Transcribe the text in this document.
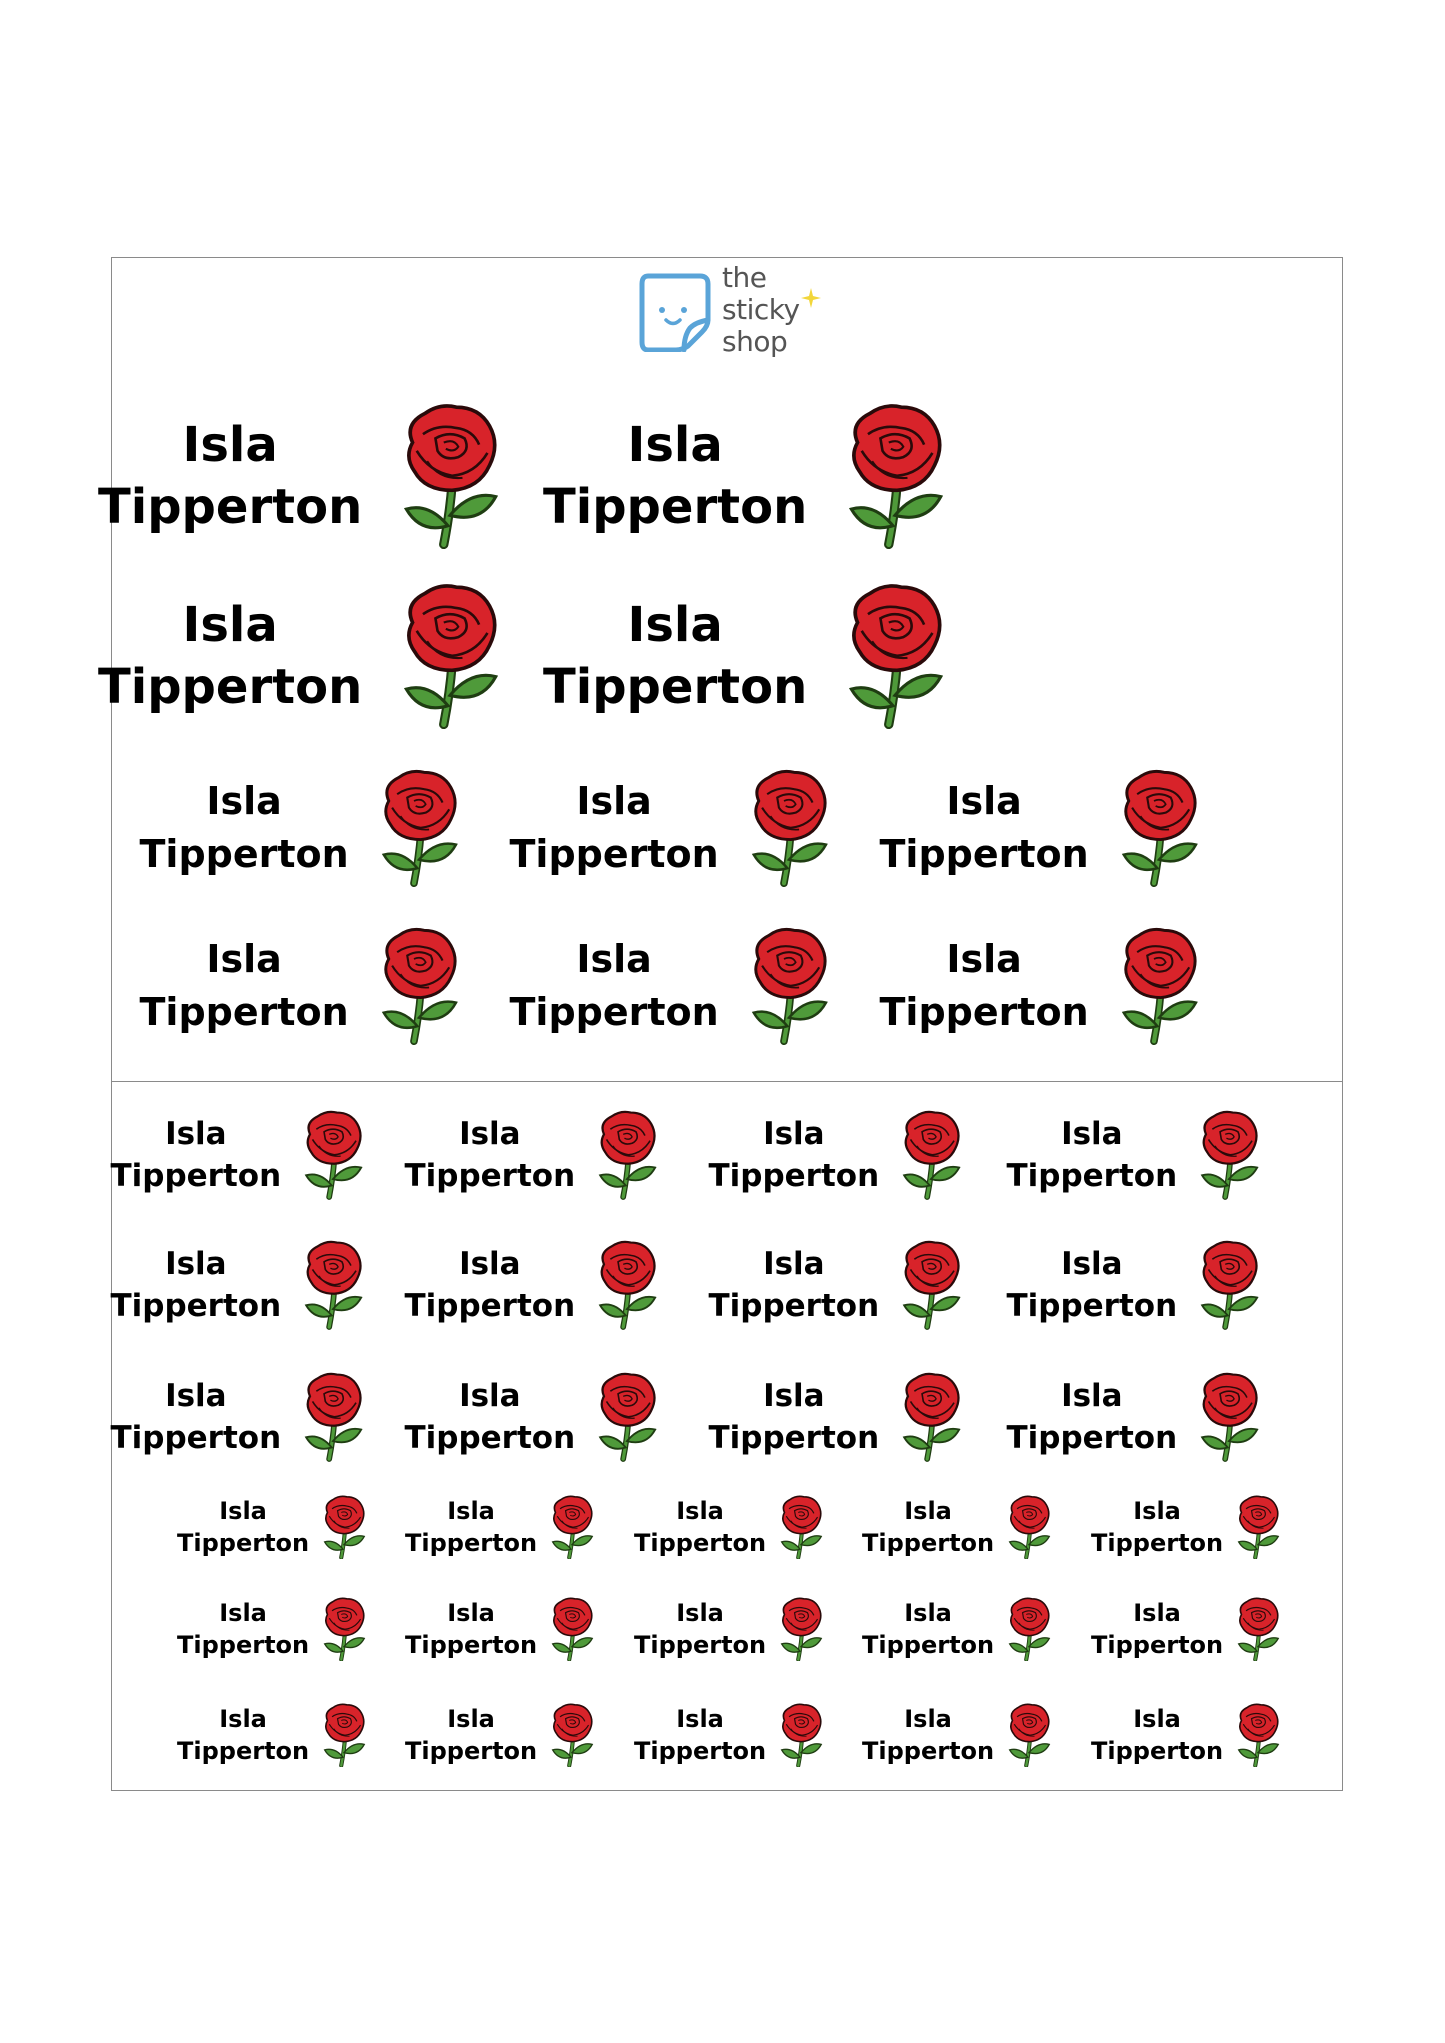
the
sticky
shop
Isla
Tipperton
Isla
Tipperton
Isla
Tipperton
Isla
Tipperton
Isla
Tipperton
Isla
Tipperton
Isla
Tipperton
Isla
Tipperton
Isla
Tipperton
Isla
Tipperton
Isla
Tipperton
Isla
Tipperton
Isla
Tipperton
Isla
Tipperton
Isla
Tipperton
Isla
Tipperton
Isla
Tipperton
Isla
Tipperton
Isla
Tipperton
Isla
Tipperton
Isla
Tipperton
Isla
Tipperton
Isla
Tipperton
Isla
Tipperton
Isla
Tipperton
Isla
Tipperton
Isla
Tipperton
Isla
Tipperton
Isla
Tipperton
Isla
Tipperton
Isla
Tipperton
Isla
Tipperton
Isla
Tipperton
Isla
Tipperton
Isla
Tipperton
Isla
Tipperton
Isla
Tipperton
